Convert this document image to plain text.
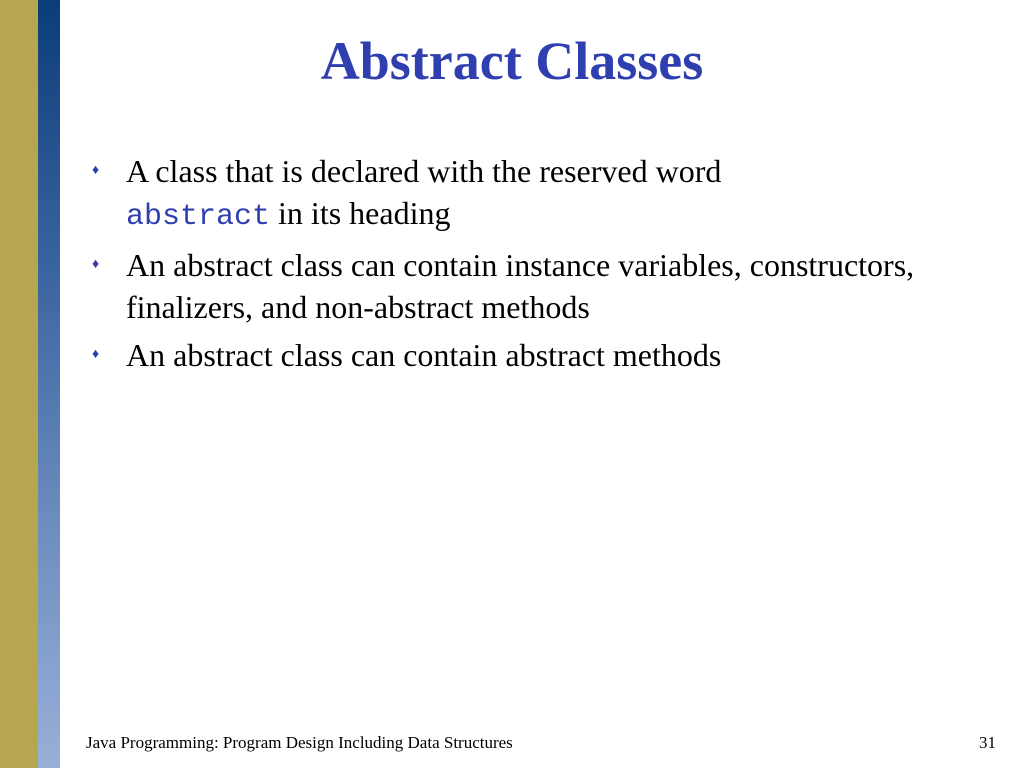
Abstract Classes
♦ A class that is declared with the reserved word
abstract in its heading
♦ An abstract class can contain instance variables, constructors, finalizers, and non-abstract methods
♦ An abstract class can contain abstract methods
Java Programming: Program Design Including Data Structures	31
